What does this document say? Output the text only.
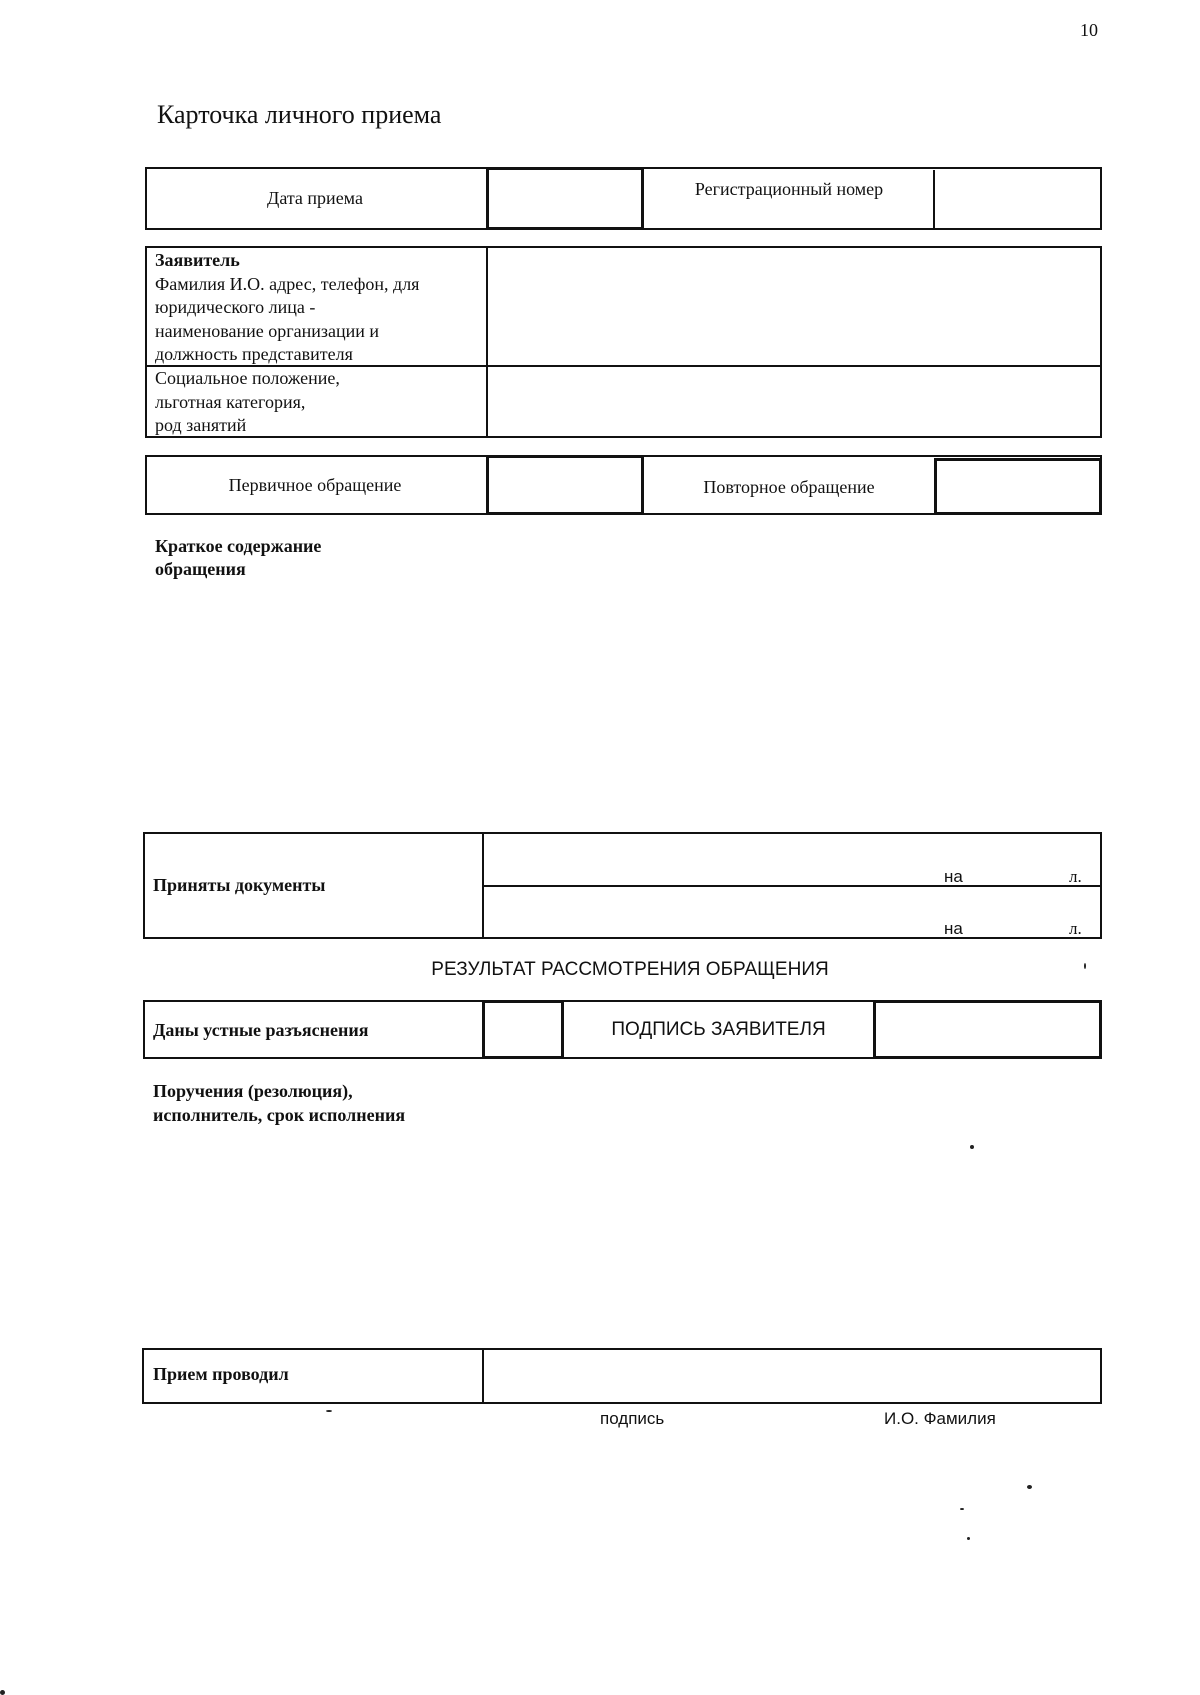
10
Карточка личного приема
Дата приема	Регистрационный номер
Заявитель
Фамилия И.О. адрес, телефон, для
юридического лица -
наименование организации и
должность представителя
Социальное положение,
льготная категория,
род занятий
Первичное обращение	Повторное обращение
Краткое содержание
обращения
Приняты документы	на	л.
на	л.
РЕЗУЛЬТАТ РАССМОТРЕНИЯ ОБРАЩЕНИЯ
Даны устные разъяснения	ПОДПИСЬ ЗАЯВИТЕЛЯ
Поручения (резолюция),
исполнитель, срок исполнения
Прием проводил
подпись	И.О. Фамилия
